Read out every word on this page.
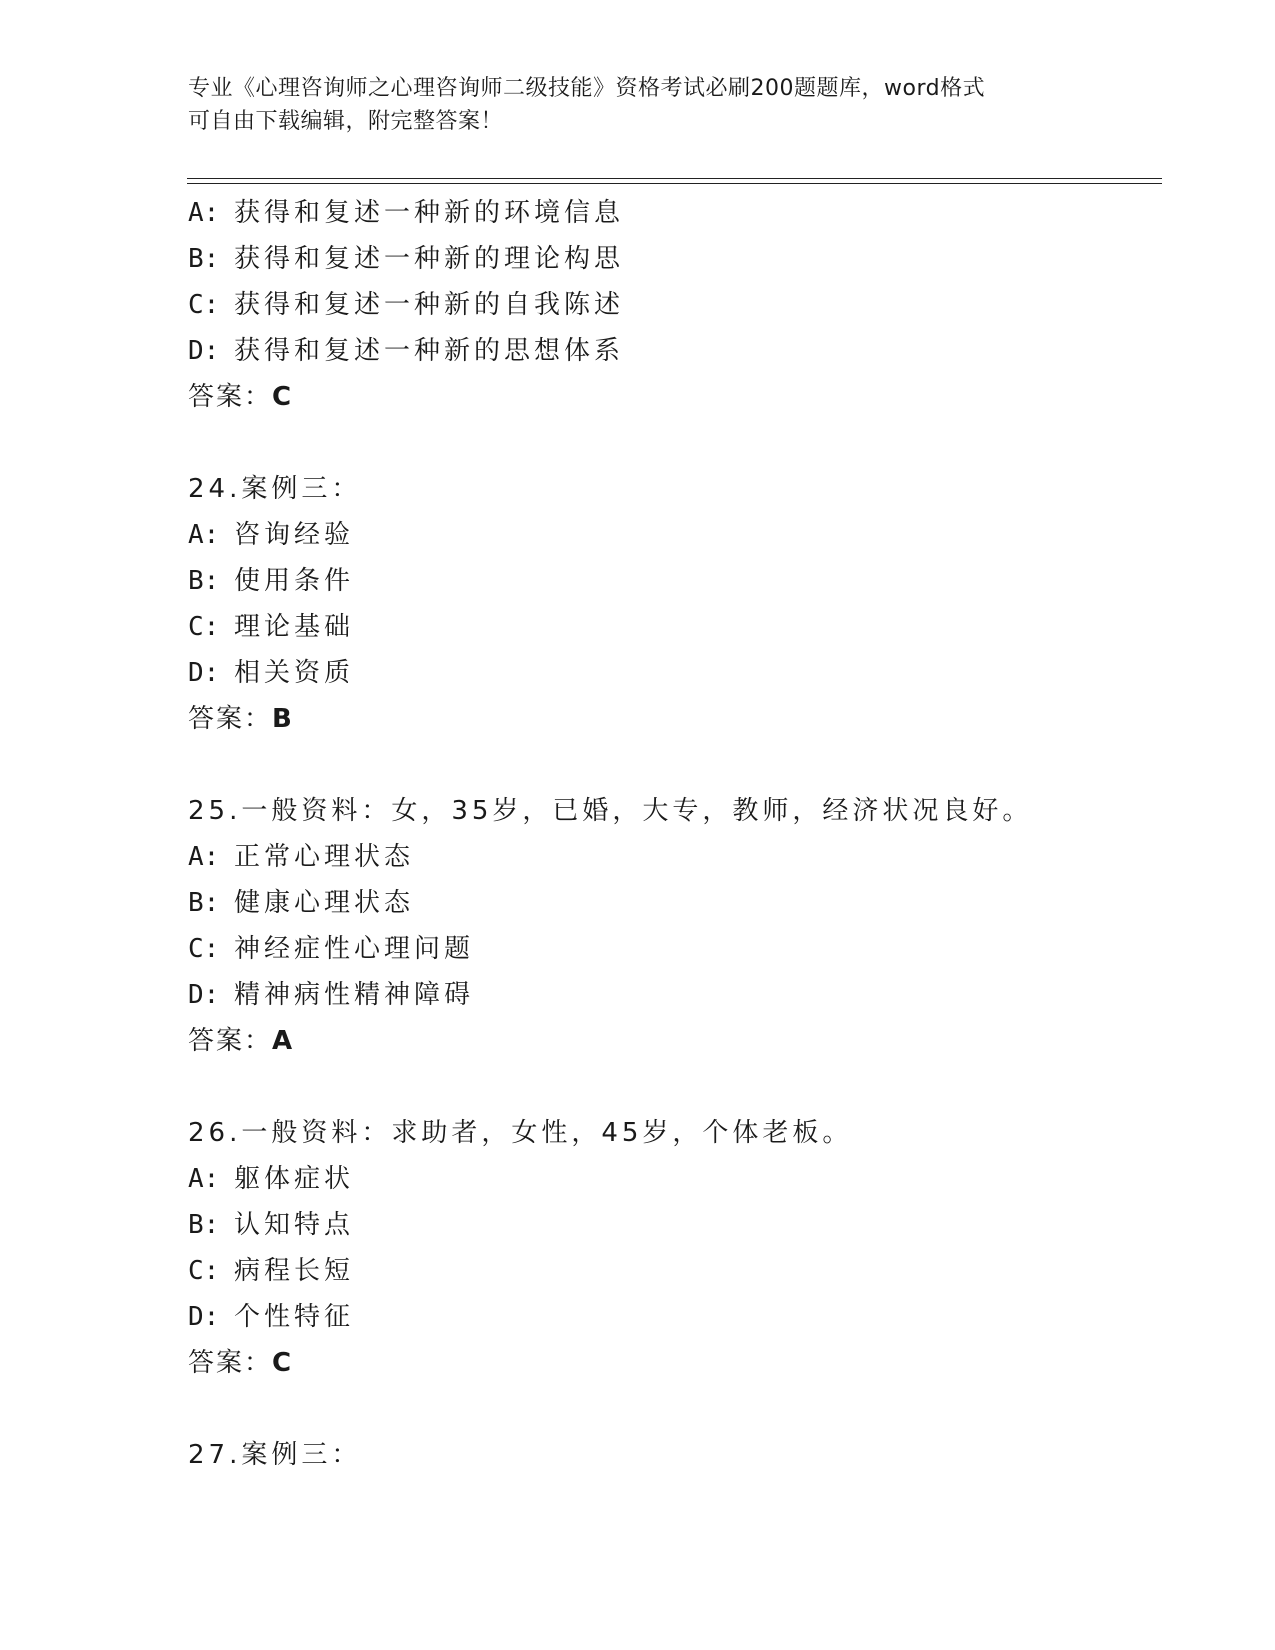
专业《心理咨询师之心理咨询师二级技能》资格考试必刷200题题库，word格式
可自由下载编辑，附完整答案！
A: 获得和复述一种新的环境信息
B: 获得和复述一种新的理论构思
C: 获得和复述一种新的自我陈述
D: 获得和复述一种新的思想体系
答案：C
24.案例三：
A: 咨询经验
B: 使用条件
C: 理论基础
D: 相关资质
答案：B
25.一般资料：女，35岁，已婚，大专，教师，经济状况良好。
A: 正常心理状态
B: 健康心理状态
C: 神经症性心理问题
D: 精神病性精神障碍
答案：A
26.一般资料：求助者，女性，45岁，个体老板。
A: 躯体症状
B: 认知特点
C: 病程长短
D: 个性特征
答案：C
27.案例三：
